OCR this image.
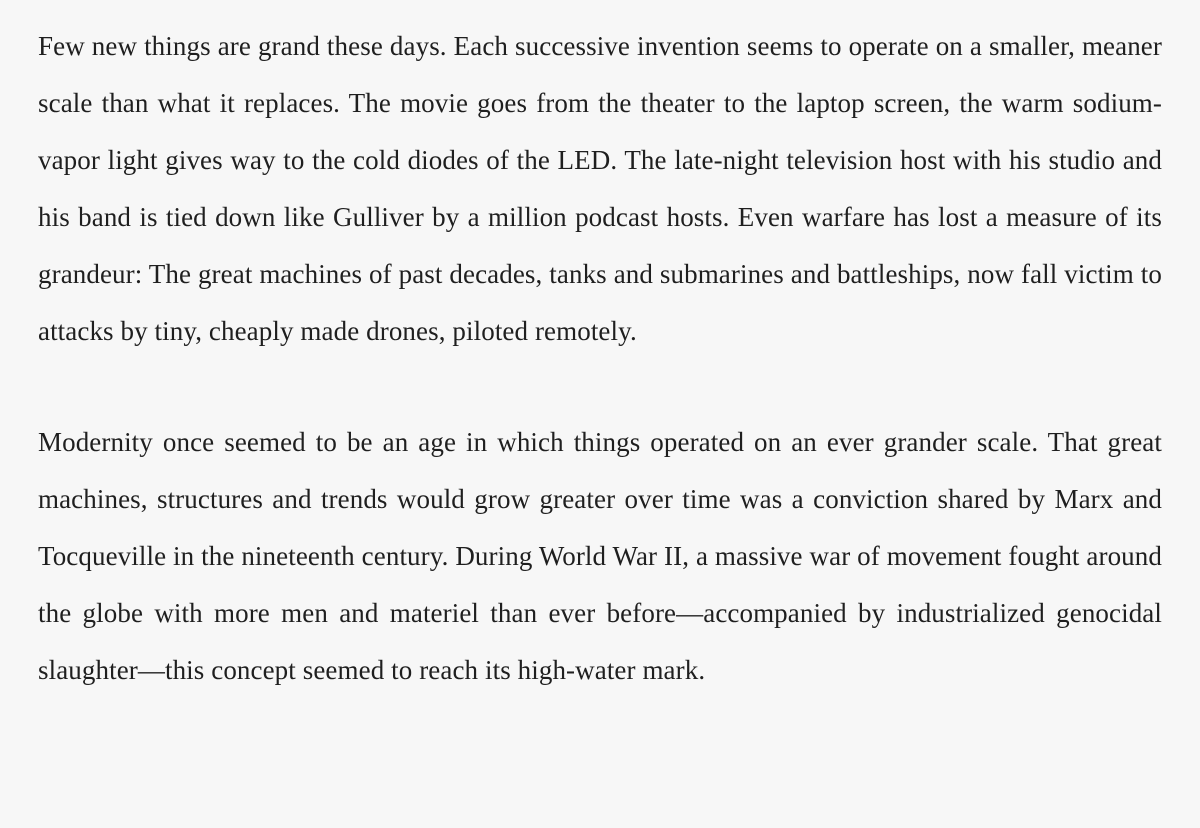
Few new things are grand these days. Each successive invention seems to operate on a smaller, meaner scale than what it replaces. The movie goes from the theater to the laptop screen, the warm sodium-vapor light gives way to the cold diodes of the LED. The late-night television host with his studio and his band is tied down like Gulliver by a million podcast hosts. Even warfare has lost a measure of its grandeur: The great machines of past decades, tanks and submarines and battleships, now fall victim to attacks by tiny, cheaply made drones, piloted remotely.

Modernity once seemed to be an age in which things operated on an ever grander scale. That great machines, structures and trends would grow greater over time was a conviction shared by Marx and Tocqueville in the nineteenth century. During World War II, a massive war of movement fought around the globe with more men and materiel than ever before—accompanied by industrialized genocidal slaughter—this concept seemed to reach its high-water mark.
